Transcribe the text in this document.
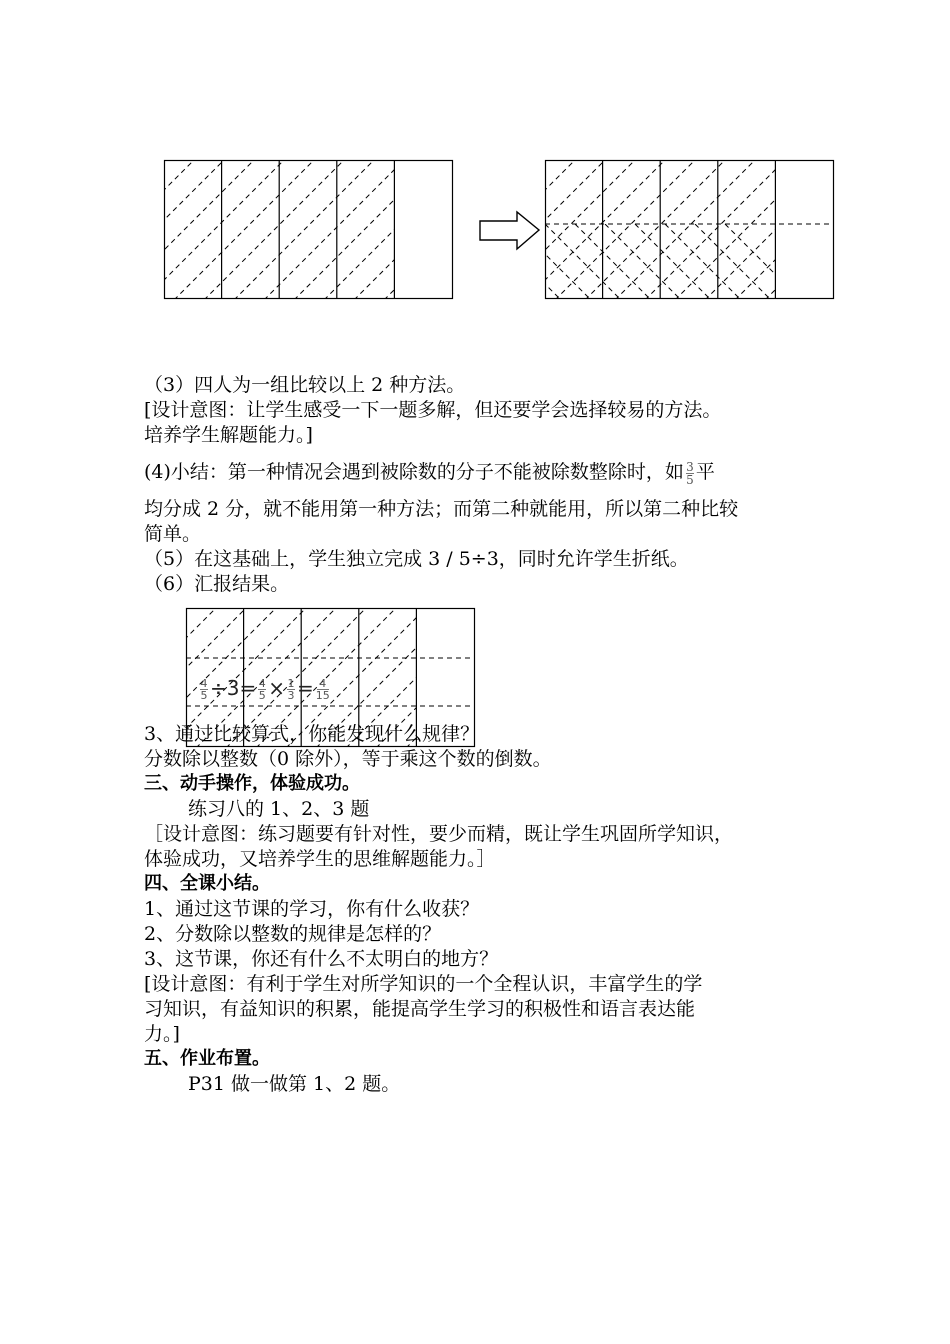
（3）四人为一组比较以上 2 种方法。
[设计意图：让学生感受一下一题多解，但还要学会选择较易的方法。
培养学生解题能力。]
(4)小结：第一种情况会遇到被除数的分子不能被除数整除时，如 $\frac{3}{5}$ 平
均分成 2 分，就不能用第一种方法；而第二种就能用，所以第二种比较
简单。
（5）在这基础上，学生独立完成 3 / 5÷3，同时允许学生折纸。
（6）汇报结果。
$\frac{4}{5} \div 3= \frac{4}{5} \times \frac{1}{3} = \frac{4}{15}$
3、通过比较算式，你能发现什么规律？
分数除以整数（0 除外），等于乘这个数的倒数。
三、动手操作，体验成功。
练习八的 1、2、3 题
［设计意图：练习题要有针对性，要少而精，既让学生巩固所学知识，
体验成功，又培养学生的思维解题能力。］
四、全课小结。
1、通过这节课的学习，你有什么收获？
2、分数除以整数的规律是怎样的？
3、这节课，你还有什么不太明白的地方？
[设计意图：有利于学生对所学知识的一个全程认识，丰富学生的学
习知识，有益知识的积累，能提高学生学习的积极性和语言表达能
力。]
五、作业布置。
P31 做一做第 1、2 题。
